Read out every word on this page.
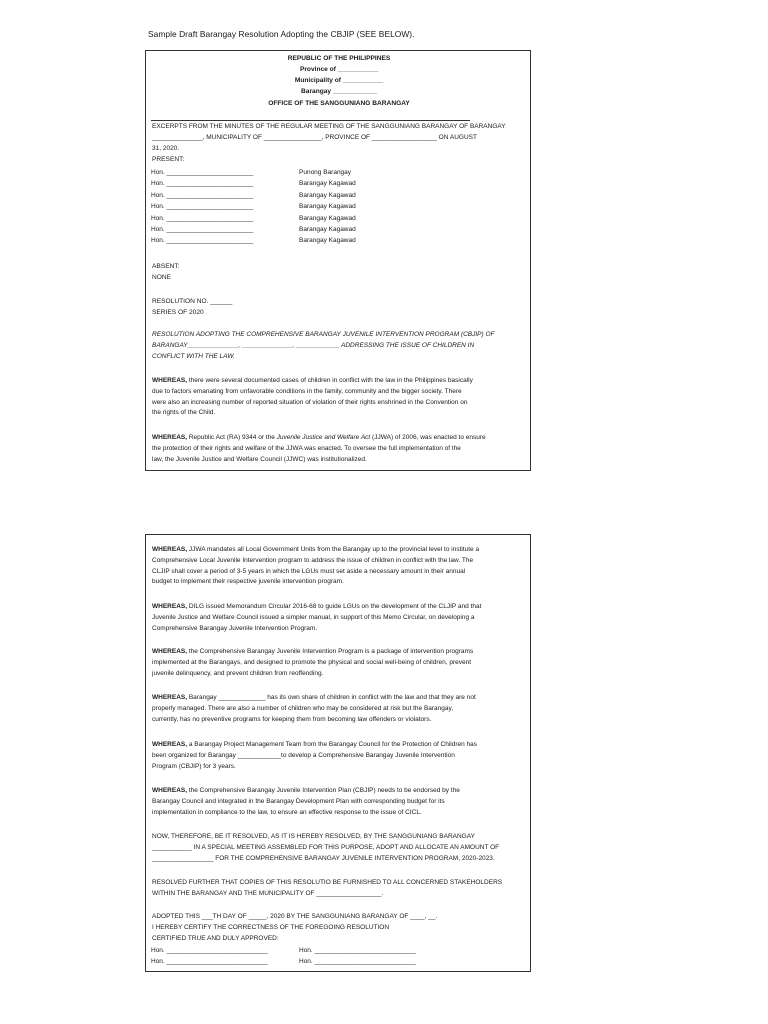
Sample Draft Barangay Resolution Adopting the CBJIP (SEE BELOW).
REPUBLIC OF THE PHILIPPINES
Province of ___________
Municipality of ___________
Barangay ____________
OFFICE OF THE SANGGUNIANG BARANGAY
EXCERPTS FROM THE MINUTES OF THE REGULAR MEETING OF THE SANGGUNIANG BARANGAY OF BARANGAY
______________, MUNICIPALITY OF ________________, PROVINCE OF __________________ ON AUGUST
31, 2020.
PRESENT:
Hon. ________________________	Punong Barangay
Hon. ________________________	Barangay Kagawad
Hon. ________________________	Barangay Kagawad
Hon. ________________________	Barangay Kagawad
Hon. ________________________	Barangay Kagawad
Hon. ________________________	Barangay Kagawad
Hon. ________________________	Barangay Kagawad
ABSENT:
NONE
RESOLUTION NO. ______
SERIES OF 2020
RESOLUTION ADOPTING THE COMPREHENSIVE BARANGAY JUVENILE INTERVENTION PROGRAM (CBJIP) OF
BARANGAY______________, ______________, ____________ ADDRESSING THE ISSUE OF CHILDREN IN
CONFLICT WITH THE LAW.
WHEREAS, there were several documented cases of children in conflict with the law in the Philippines basically
due to factors emanating from unfavorable conditions in the family, community and the bigger society. There
were also an increasing number of reported situation of violation of their rights enshrined in the Convention on
the rights of the Child.
WHEREAS, Republic Act (RA) 9344 or the Juvenile Justice and Welfare Act (JJWA) of 2006, was enacted to ensure
the protection of their rights and welfare of the JJWA was enacted. To oversee the full implementation of the
law, the Juvenile Justice and Welfare Council (JJWC) was institutionalized.
WHEREAS, JJWA mandates all Local Government Units from the Barangay up to the provincial level to institute a
Comprehensive Local Juvenile Intervention program to address the issue of children in conflict with the law. The
CLJIP shall cover a period of 3-5 years in which the LGUs must set aside a necessary amount in their annual
budget to implement their respective juvenile intervention program.
WHEREAS, DILG issued Memorandum Circular 2016-68 to guide LGUs on the development of the CLJIP and that
Juvenile Justice and Welfare Council issued a simpler manual, in support of this Memo Circular, on developing a
Comprehensive Barangay Juvenile Intervention Program.
WHEREAS, the Comprehensive Barangay Juvenile Intervention Program is a package of intervention programs
implemented at the Barangays, and designed to promote the physical and social well-being of children, prevent
juvenile delinquency, and prevent children from reoffending.
WHEREAS, Barangay _____________ has its own share of children in conflict with the law and that they are not
properly managed. There are also a number of children who may be considered at risk but the Barangay,
currently, has no preventive programs for keeping them from becoming law offenders or violators.
WHEREAS, a Barangay Project Management Team from the Barangay Council for the Protection of Children has
been organized for Barangay ____________to develop a Comprehensive Barangay Juvenile Intervention
Program (CBJIP) for 3 years.
WHEREAS, the Comprehensive Barangay Juvenile Intervention Plan (CBJIP) needs to be endorsed by the
Barangay Council and integrated in the Barangay Development Plan with corresponding budget for its
implementation in compliance to the law, to ensure an effective response to the issue of CICL.
NOW, THEREFORE, BE IT RESOLVED, AS IT IS HEREBY RESOLVED, BY THE SANGGUNIANG BARANGAY
___________ IN A SPECIAL MEETING ASSEMBLED FOR THIS PURPOSE, ADOPT AND ALLOCATE AN AMOUNT OF
_________________ FOR THE COMPREHENSIVE BARANGAY JUVENILE INTERVENTION PROGRAM, 2020-2023.
RESOLVED FURTHER THAT COPIES OF THIS RESOLUTIO BE FURNISHED TO ALL CONCERNED STAKEHOLDERS
WITHIN THE BARANGAY AND THE MUNICIPALITY OF __________________.
ADOPTED THIS ___TH DAY OF _____, 2020 BY THE SANGGUNIANG BARANGAY OF ____, __.
I HEREBY CERTIFY THE CORRECTNESS OF THE FOREGOING RESOLUTION
CERTIFIED TRUE AND DULY APPROVED:
Hon. ____________________________	Hon. ____________________________
Hon. ____________________________	Hon. ____________________________
